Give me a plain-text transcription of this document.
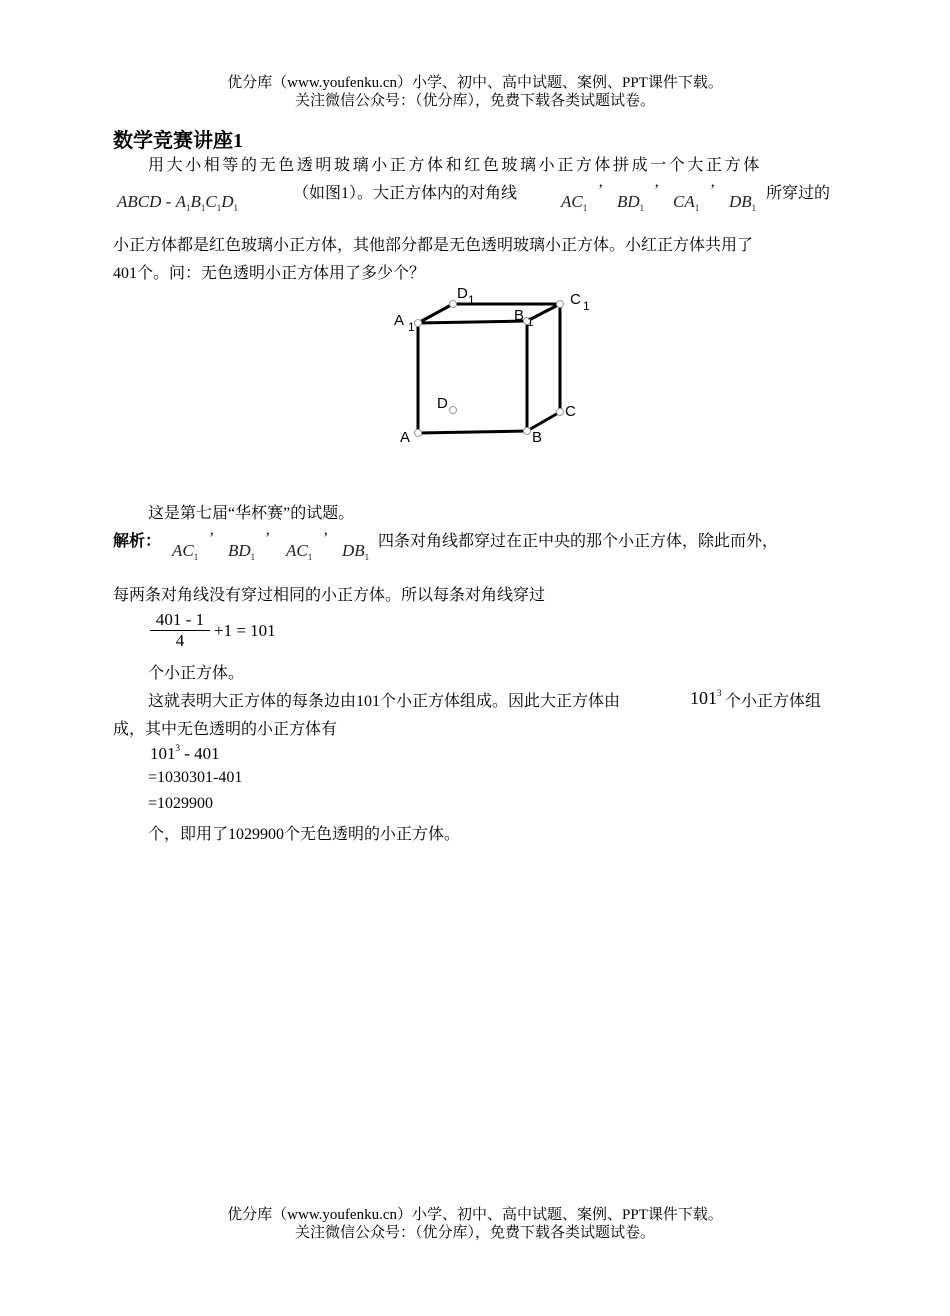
优分库（www.youfenku.cn）小学、初中、高中试题、案例、PPT课件下载。
关注微信公众号：（优分库），免费下载各类试题试卷。
数学竞赛讲座1
用大小相等的无色透明玻璃小正方体和红色玻璃小正方体拼成一个大正方体
ABCD - $A_1B_1C_1D_1$
（如图1）。大正方体内的对角线	$AC_1$
’
$BD_1$
’
$CA_1$
’
$DB_1$
所穿过的
小正方体都是红色玻璃小正方体，其他部分都是无色透明玻璃小正方体。小红正方体共用了
401个。问：无色透明小正方体用了多少个？
A 1
D 1
B 1
C 1
D	C
A	B
这是第七届“华杯赛”的试题。
解析： $AC_1$
’
$BD_1$
’
$AC_1$
’
$DB_1$
四条对角线都穿过在正中央的那个小正方体，除此而外，
每两条对角线没有穿过相同的小正方体。所以每条对角线穿过
401 - 1
4
+1 = 101
个小正方体。
这就表明大正方体的每条边由101个小正方体组成。因此大正方体由	$101^3$ 个小正方体组
成，其中无色透明的小正方体有
$101^3 - 401$
=1030301-401
=1029900
个，即用了1029900个无色透明的小正方体。
优分库（www.youfenku.cn）小学、初中、高中试题、案例、PPT课件下载。
关注微信公众号：（优分库），免费下载各类试题试卷。
